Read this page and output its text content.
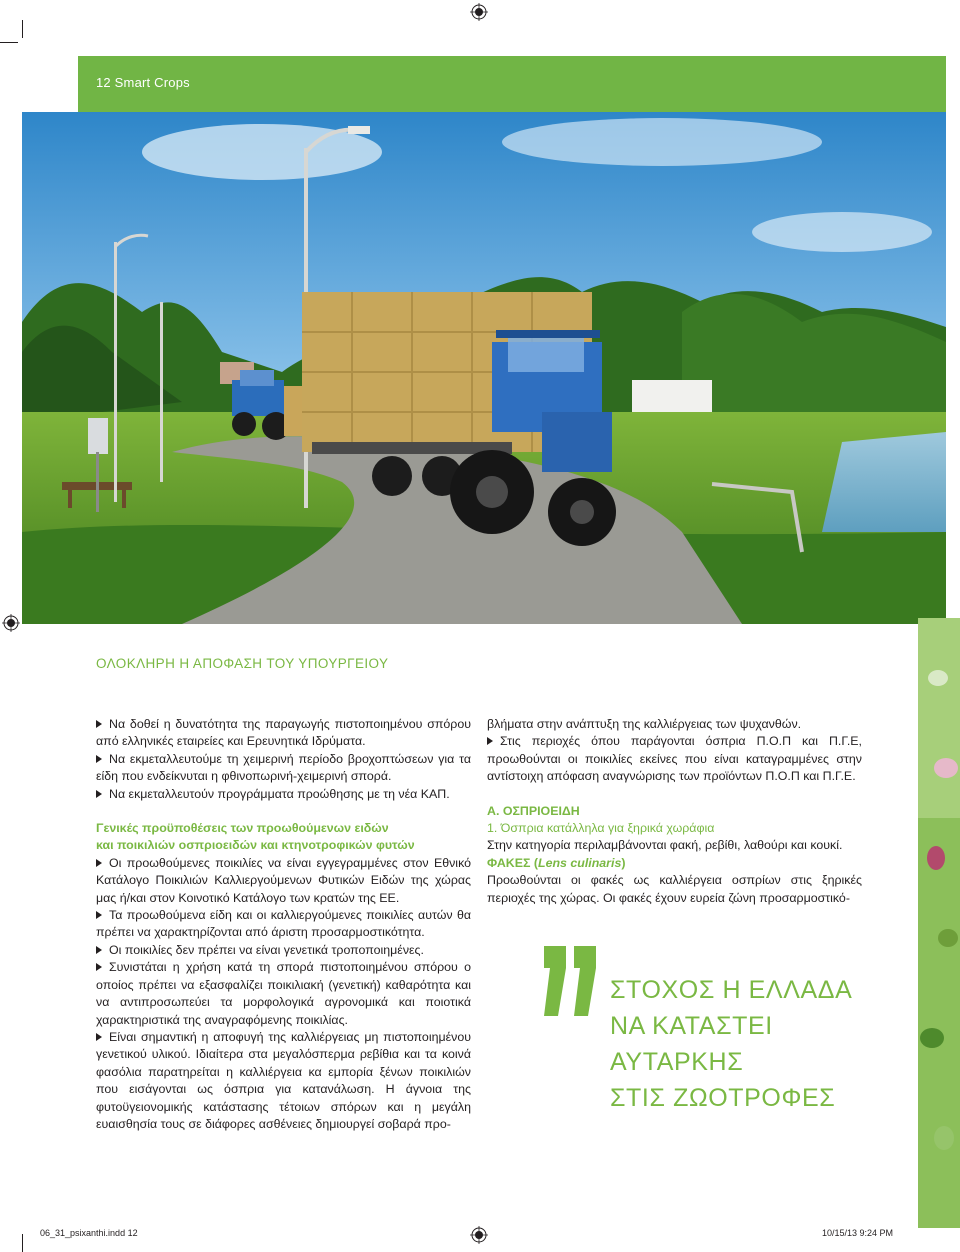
12 Smart Crops
ΟΛΟΚΛΗΡΗ Η ΑΠΟΦΑΣΗ ΤΟΥ ΥΠΟΥΡΓΕΙΟΥ
Να δοθεί η δυνατότητα της παραγωγής πιστοποιημένου σπόρου από ελληνικές εταιρείες και Ερευνητικά Ιδρύματα.
Να εκμεταλλευτούμε τη χειμερινή περίοδο βροχοπτώσεων για τα είδη που ενδείκνυται η φθινοπωρινή-χειμερινή σπορά.
Να εκμεταλλευτούν προγράμματα προώθησης με τη νέα ΚΑΠ.
Γενικές προϋποθέσεις των προωθούμενων ειδών
και ποικιλιών οσπριοειδών και κτηνοτροφικών φυτών
Οι προωθούμενες ποικιλίες να είναι εγγεγραμμένες στον Εθνικό Κατάλογο Ποικιλιών Καλλιεργούμενων Φυτικών Ειδών της χώρας μας ή/και στον Κοινοτικό Κατάλογο των κρατών της ΕΕ.
Τα προωθούμενα είδη και οι καλλιεργούμενες ποικιλίες αυτών θα πρέπει να χαρακτηρίζονται από άριστη προσαρμοστικότητα.
Οι ποικιλίες δεν πρέπει να είναι γενετικά τροποποιημένες.
Συνιστάται η χρήση κατά τη σπορά πιστοποιημένου σπόρου ο οποίος πρέπει να εξασφαλίζει ποικιλιακή (γενετική) καθαρότητα και να αντιπροσωπεύει τα μορφολογικά αγρονομικά και ποιοτικά χαρακτηριστικά της αναγραφόμενης ποικιλίας.
Είναι σημαντική η αποφυγή της καλλιέργειας μη πιστοποιημένου γενετικού υλικού. Ιδιαίτερα στα μεγαλόσπερμα ρεβίθια και τα κοινά φασόλια παρατηρείται η καλλιέργεια κα εμπορία ξένων ποικιλιών που εισάγονται ως όσπρια για κατανάλωση. Η άγνοια της φυτοϋγειονομικής κατάστασης τέτοιων σπόρων και η μεγάλη ευαισθησία τους σε διάφορες ασθένειες δημιουργεί σοβαρά προ-
βλήματα στην ανάπτυξη της καλλιέργειας των ψυχανθών.
Στις περιοχές όπου παράγονται όσπρια Π.Ο.Π και Π.Γ.Ε, προωθούνται οι ποικιλίες εκείνες που είναι καταγραμμένες στην αντίστοιχη απόφαση αναγνώρισης των προϊόντων Π.Ο.Π και Π.Γ.Ε.
Α. ΟΣΠΡΙΟΕΙΔΗ
1. Όσπρια κατάλληλα για ξηρικά χωράφια
Στην κατηγορία περιλαμβάνονται φακή, ρεβίθι, λαθούρι και κουκί.
ΦΑΚΕΣ (Lens culinaris)
Προωθούνται οι φακές ως καλλιέργεια οσπρίων στις ξηρικές περιοχές της χώρας. Οι φακές έχουν ευρεία ζώνη προσαρμοστικό-
ΣΤΟΧΟΣ Η ΕΛΛΑΔΑ
ΝΑ ΚΑΤΑΣΤΕΙ
ΑΥΤΑΡΚΗΣ
ΣΤΙΣ ΖΩΟΤΡΟΦΕΣ
06_31_psixanthi.indd 12	10/15/13 9:24 PM
